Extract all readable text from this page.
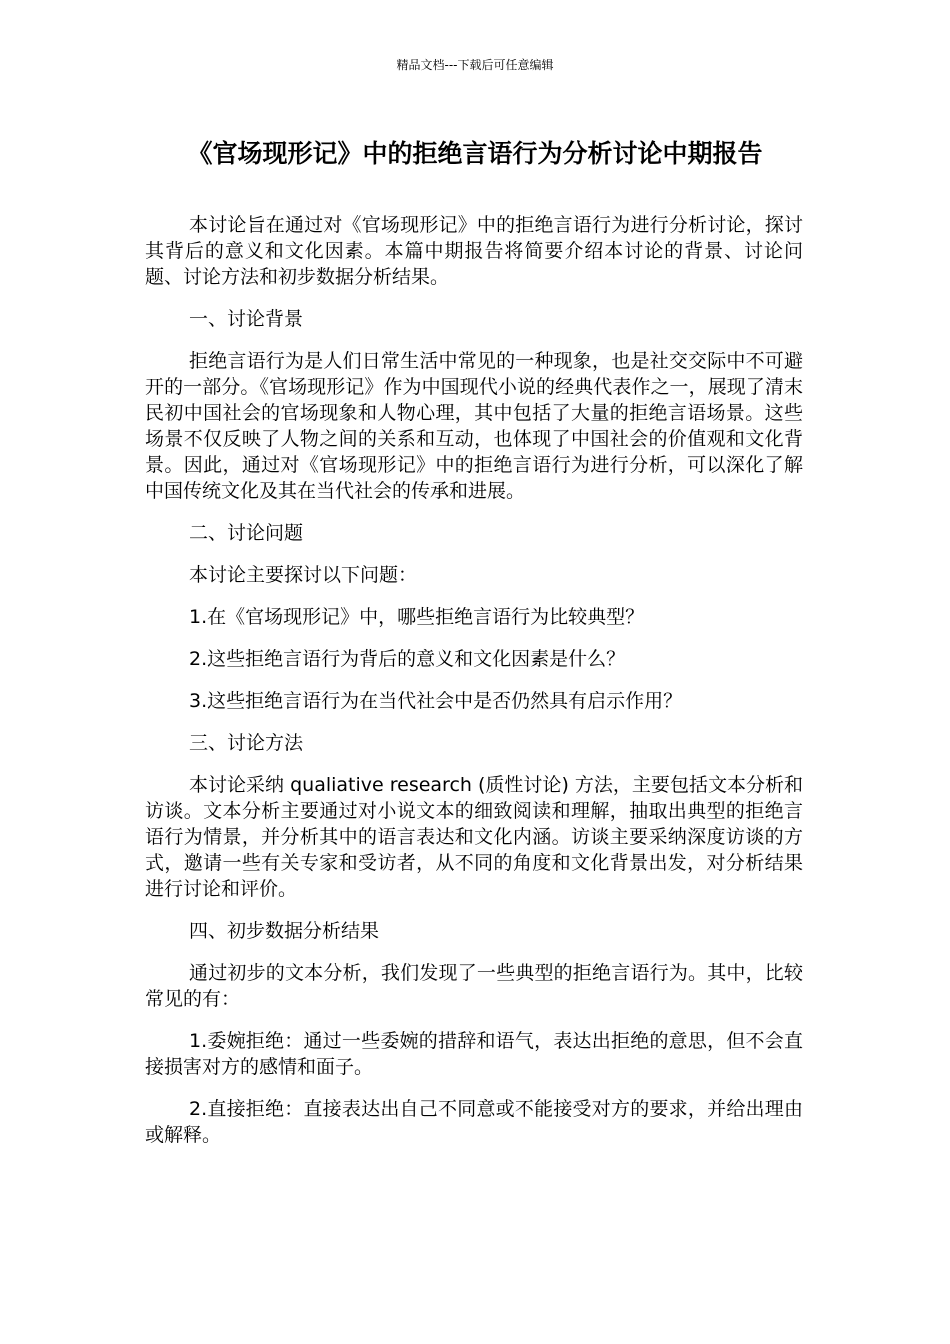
精品文档---下载后可任意编辑
《官场现形记》中的拒绝言语行为分析讨论中期报告

本讨论旨在通过对《官场现形记》中的拒绝言语行为进行分析讨论，探讨其背后的意义和文化因素。本篇中期报告将简要介绍本讨论的背景、讨论问题、讨论方法和初步数据分析结果。

一、讨论背景

拒绝言语行为是人们日常生活中常见的一种现象，也是社交交际中不可避开的一部分。《官场现形记》作为中国现代小说的经典代表作之一，展现了清末民初中国社会的官场现象和人物心理，其中包括了大量的拒绝言语场景。这些场景不仅反映了人物之间的关系和互动，也体现了中国社会的价值观和文化背景。因此，通过对《官场现形记》中的拒绝言语行为进行分析，可以深化了解中国传统文化及其在当代社会的传承和进展。

二、讨论问题

本讨论主要探讨以下问题：

1.在《官场现形记》中，哪些拒绝言语行为比较典型？

2.这些拒绝言语行为背后的意义和文化因素是什么？

3.这些拒绝言语行为在当代社会中是否仍然具有启示作用？

三、讨论方法

本讨论采纳 qualiative research (质性讨论) 方法，主要包括文本分析和访谈。文本分析主要通过对小说文本的细致阅读和理解，抽取出典型的拒绝言语行为情景，并分析其中的语言表达和文化内涵。访谈主要采纳深度访谈的方式，邀请一些有关专家和受访者，从不同的角度和文化背景出发，对分析结果进行讨论和评价。

四、初步数据分析结果

通过初步的文本分析，我们发现了一些典型的拒绝言语行为。其中，比较常见的有：

1.委婉拒绝：通过一些委婉的措辞和语气，表达出拒绝的意思，但不会直接损害对方的感情和面子。

2.直接拒绝：直接表达出自己不同意或不能接受对方的要求，并给出理由或解释。
